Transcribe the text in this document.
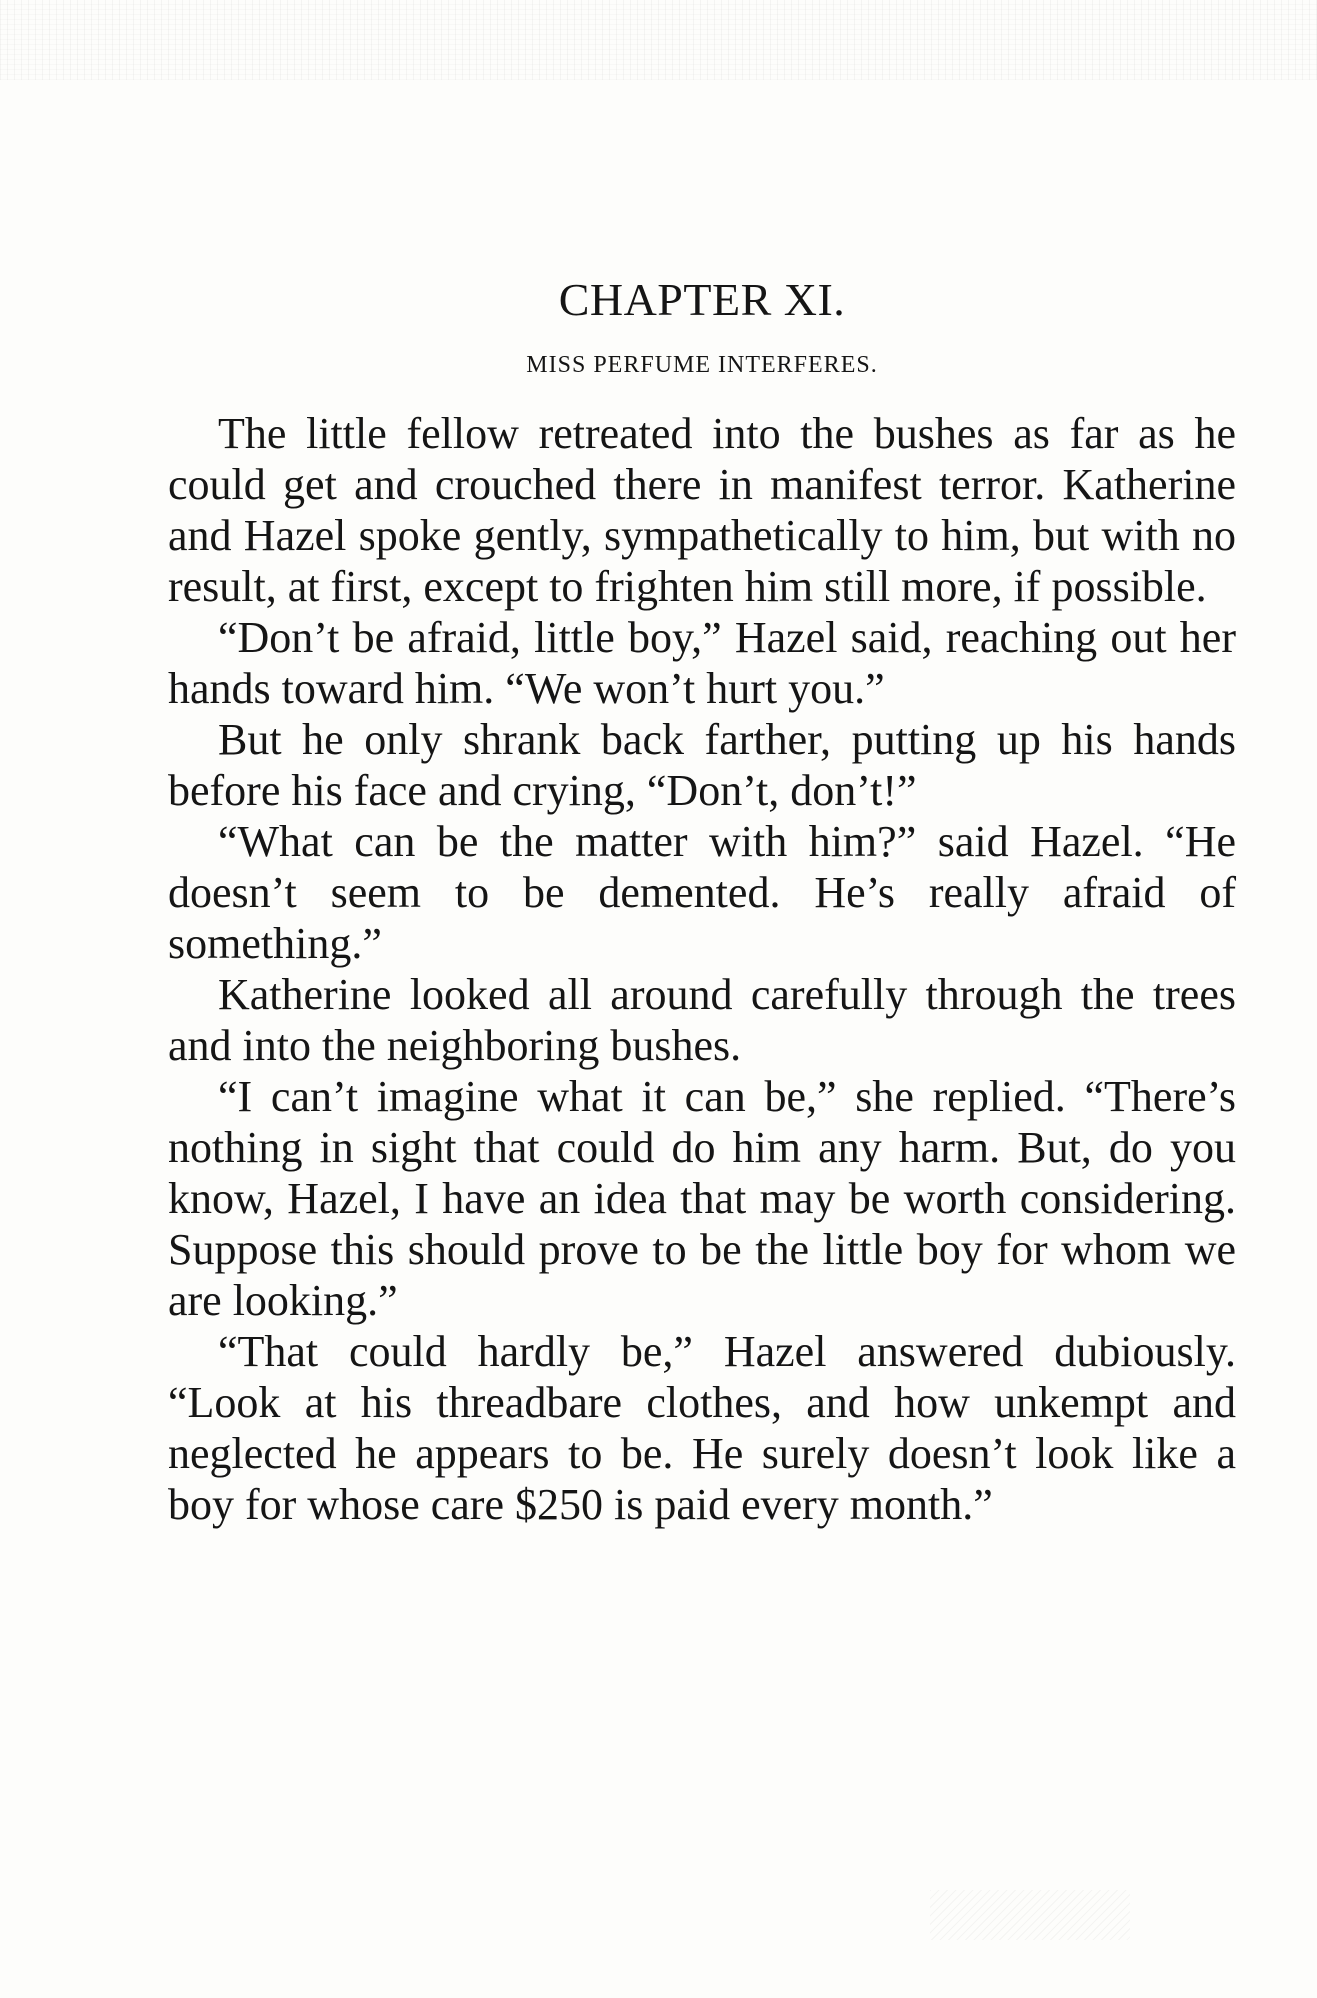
CHAPTER XI.
MISS PERFUME INTERFERES.

The little fellow retreated into the bushes as far as he could get and crouched there in manifest terror. Katherine and Hazel spoke gently, sympathetically to him, but with no result, at first, except to frighten him still more, if possible.

“Don’t be afraid, little boy,” Hazel said, reaching out her hands toward him. “We won’t hurt you.”

But he only shrank back farther, putting up his hands before his face and crying, “Don’t, don’t!”

“What can be the matter with him?” said Hazel. “He doesn’t seem to be demented. He’s really afraid of something.”

Katherine looked all around carefully through the trees and into the neighboring bushes.

“I can’t imagine what it can be,” she replied. “There’s nothing in sight that could do him any harm. But, do you know, Hazel, I have an idea that may be worth considering. Suppose this should prove to be the little boy for whom we are looking.”

“That could hardly be,” Hazel answered dubiously. “Look at his threadbare clothes, and how unkempt and neglected he appears to be. He surely doesn’t look like a boy for whose care $250 is paid every month.”
